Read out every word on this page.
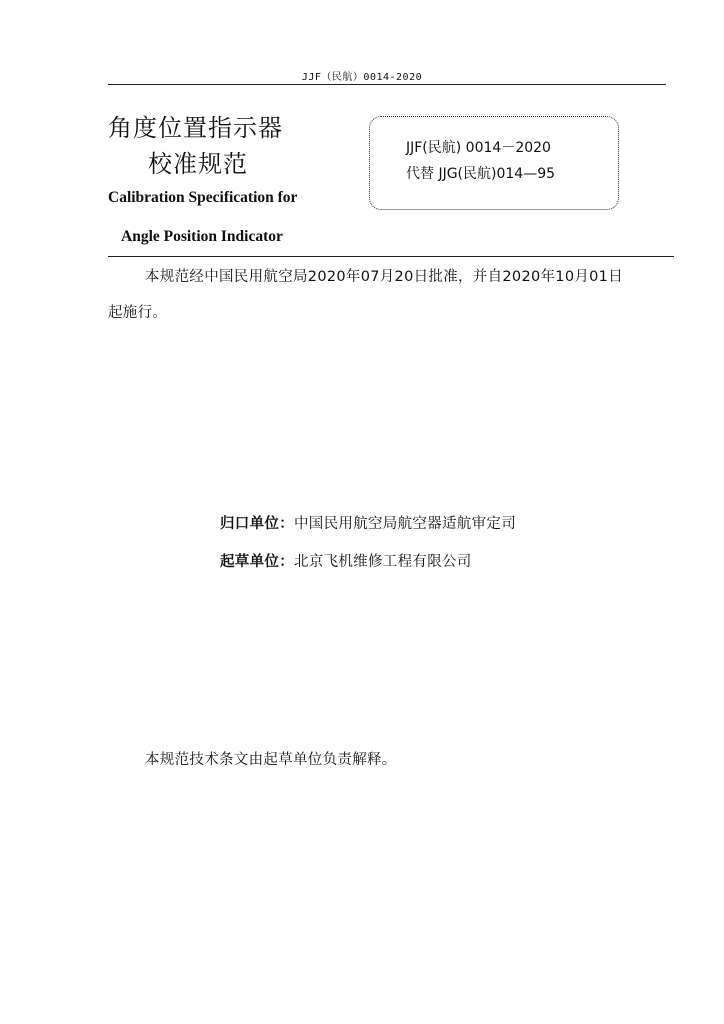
JJF（民航）0014-2020
角度位置指示器
校准规范
Calibration Specification for
Angle Position Indicator
JJF(民航) 0014－2020
代替 JJG(民航)014—95
本规范经中国民用航空局2020年07月20日批准，并自2020年10月01日
起施行。
归口单位：中国民用航空局航空器适航审定司
起草单位：北京飞机维修工程有限公司
本规范技术条文由起草单位负责解释。
